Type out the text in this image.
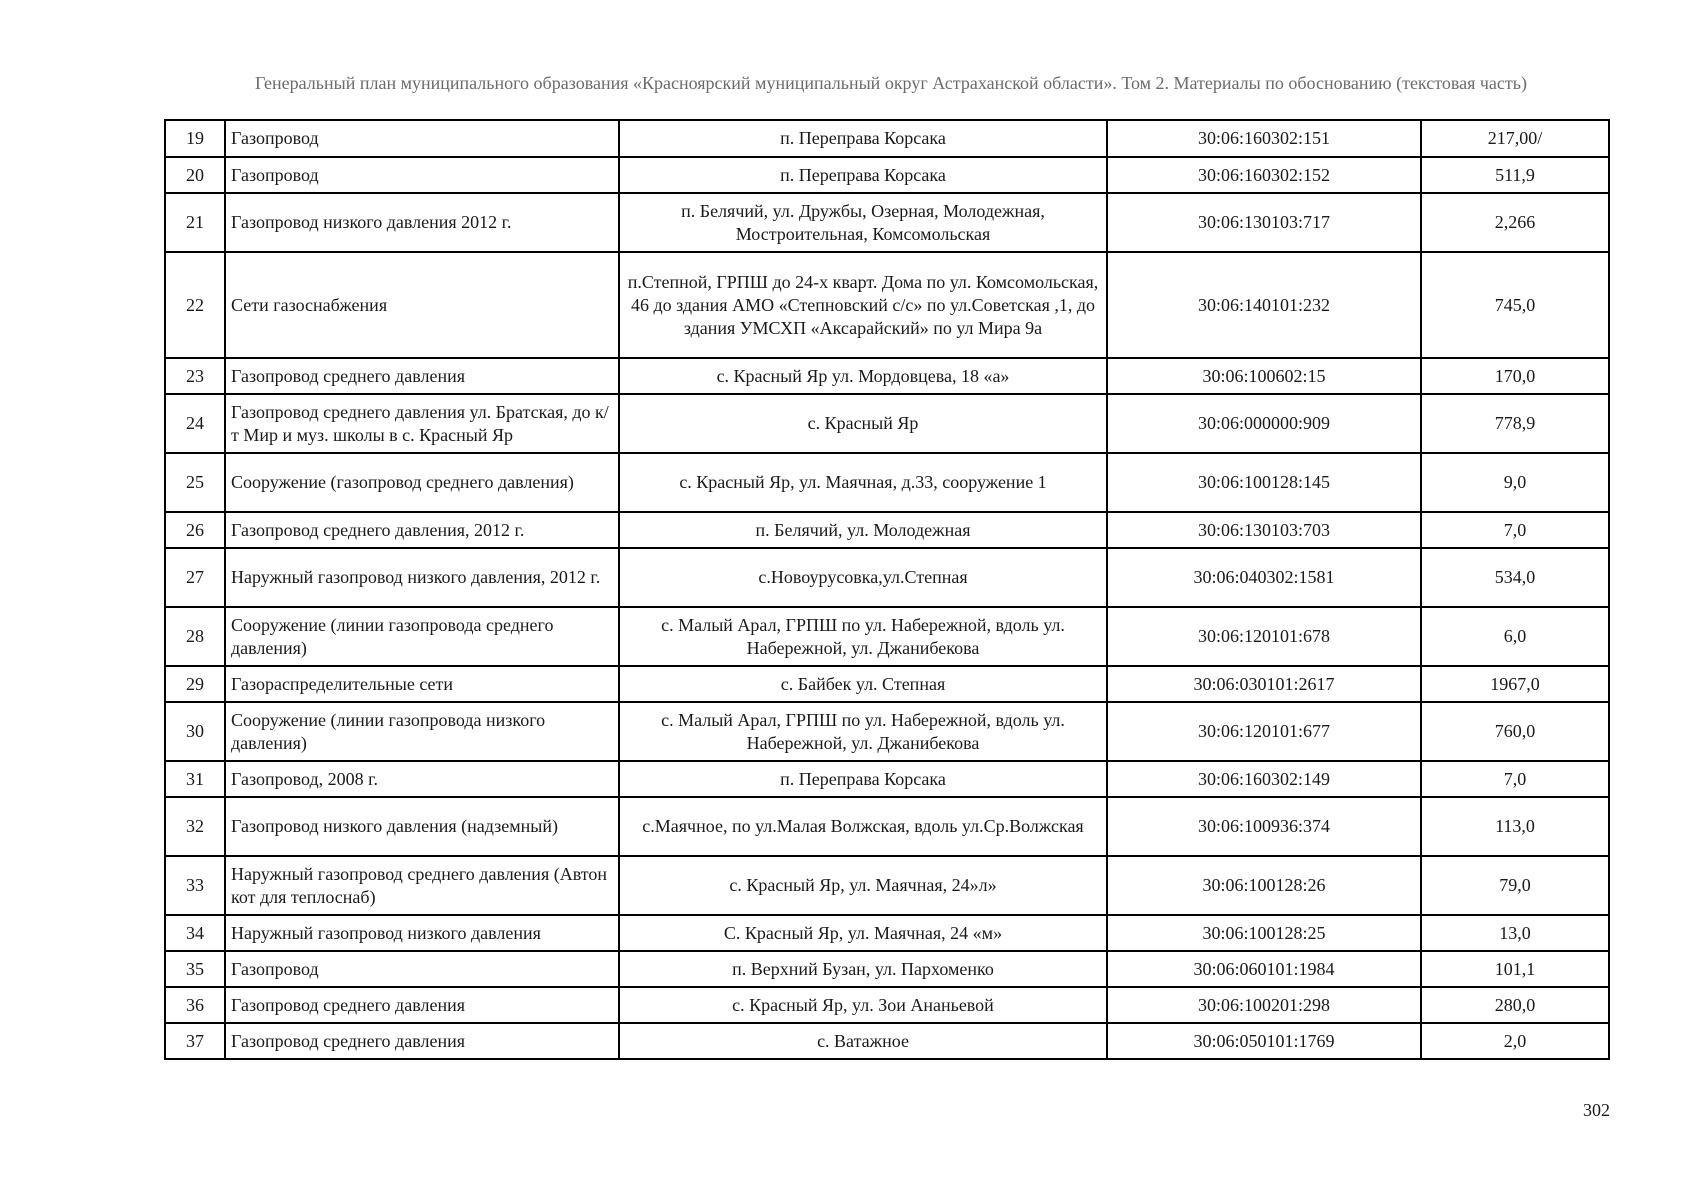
Генеральный план муниципального образования «Красноярский муниципальный округ Астраханской области». Том 2. Материалы по обоснованию (текстовая часть)
19	Газопровод	п. Переправа Корсака	30:06:160302:151	217,00/
20	Газопровод	п. Переправа Корсака	30:06:160302:152	511,9
21	Газопровод низкого давления 2012 г.	п. Белячий, ул. Дружбы, Озерная, Молодежная, Мостроительная, Комсомольская	30:06:130103:717	2,266
22	Сети газоснабжения	п.Степной, ГРПШ до 24-х кварт. Дома по ул. Комсомольская, 46 до здания АМО «Степновский с/с» по ул.Советская ,1, до здания УМСХП «Аксарайский» по ул Мира 9а	30:06:140101:232	745,0
23	Газопровод среднего давления	с. Красный Яр ул. Мордовцева, 18 «а»	30:06:100602:15	170,0
24	Газопровод среднего давления ул. Братская, до к/т Мир и муз. школы в с. Красный Яр	с. Красный Яр	30:06:000000:909	778,9
25	Сооружение (газопровод среднего давления)	с. Красный Яр, ул. Маячная, д.33, сооружение 1	30:06:100128:145	9,0
26	Газопровод среднего давления, 2012 г.	п. Белячий, ул. Молодежная	30:06:130103:703	7,0
27	Наружный газопровод низкого давления, 2012 г.	с.Новоурусовка,ул.Степная	30:06:040302:1581	534,0
28	Сооружение (линии газопровода среднего давления)	с. Малый Арал, ГРПШ по ул. Набережной, вдоль ул. Набережной, ул. Джанибекова	30:06:120101:678	6,0
29	Газораспределительные сети	с. Байбек ул. Степная	30:06:030101:2617	1967,0
30	Сооружение (линии газопровода низкого давления)	с. Малый Арал, ГРПШ по ул. Набережной, вдоль ул. Набережной, ул. Джанибекова	30:06:120101:677	760,0
31	Газопровод, 2008 г.	п. Переправа Корсака	30:06:160302:149	7,0
32	Газопровод низкого давления (надземный)	с.Маячное, по ул.Малая Волжская, вдоль ул.Ср.Волжская	30:06:100936:374	113,0
33	Наружный газопровод среднего давления (Автон кот для теплоснаб)	с. Красный Яр, ул. Маячная, 24»л»	30:06:100128:26	79,0
34	Наружный газопровод низкого давления	С. Красный Яр, ул. Маячная, 24 «м»	30:06:100128:25	13,0
35	Газопровод	п. Верхний Бузан, ул. Пархоменко	30:06:060101:1984	101,1
36	Газопровод среднего давления	с. Красный Яр, ул. Зои Ананьевой	30:06:100201:298	280,0
37	Газопровод среднего давления	с. Ватажное	30:06:050101:1769	2,0
302
